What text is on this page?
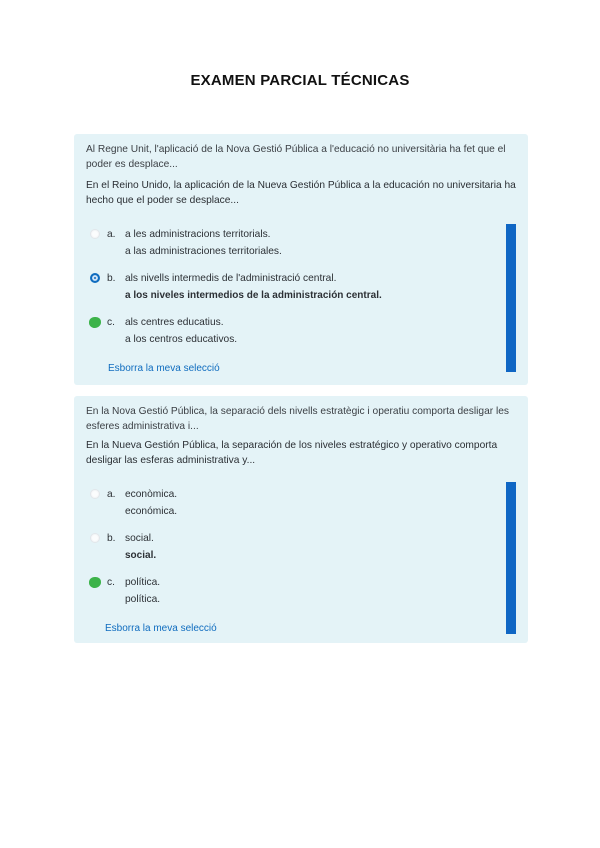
EXAMEN PARCIAL TÉCNICAS

Al Regne Unit, l'aplicació de la Nova Gestió Pública a l'educació no universitària ha fet que el poder es desplace...

En el Reino Unido, la aplicación de la Nueva Gestión Pública a la educación no universitaria ha hecho que el poder se desplace...

a. a les administracions territorials.
a las administraciones territoriales.
b. als nivells intermedis de l'administració central.
a los niveles intermedios de la administración central.
c. als centres educatius.
a los centros educativos.
Esborra la meva selecció

En la Nova Gestió Pública, la separació dels nivells estratègic i operatiu comporta desligar les esferes administrativa i...

En la Nueva Gestión Pública, la separación de los niveles estratégico y operativo comporta desligar las esferas administrativa y...

a. econòmica.
económica.
b. social.
social.
c. política.
política.
Esborra la meva selecció
